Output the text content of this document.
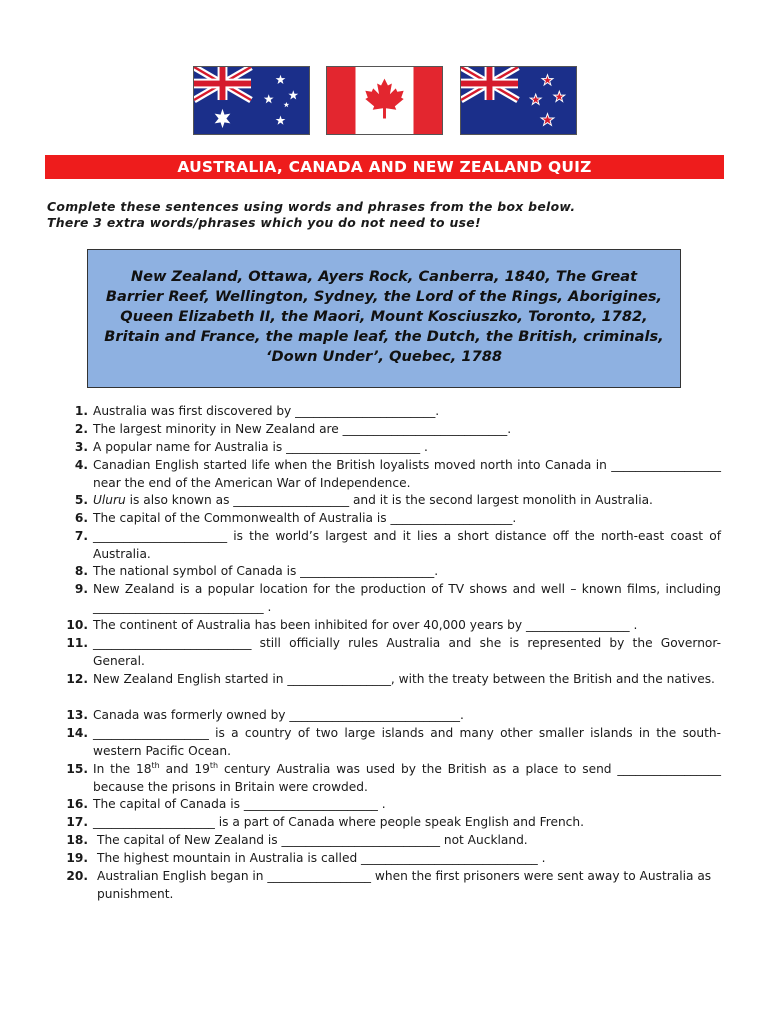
AUSTRALIA, CANADA AND NEW ZEALAND QUIZ
Complete these sentences using words and phrases from the box below.
There 3 extra words/phrases which you do not need to use!
New Zealand, Ottawa, Ayers Rock, Canberra, 1840, The Great Barrier Reef, Wellington, Sydney, the Lord of the Rings, Aborigines, Queen Elizabeth II, the Maori, Mount Kosciuszko, Toronto, 1782, Britain and France, the maple leaf, the Dutch, the British, criminals, ‘Down Under’, Quebec, 1788
1. Australia was first discovered by _______________________.
2. The largest minority in New Zealand are ___________________________.
3. A popular name for Australia is ______________________ .
4. Canadian English started life when the British loyalists moved north into Canada in __________________ near the end of the American War of Independence.
5. Uluru is also known as ___________________ and it is the second largest monolith in Australia.
6. The capital of the Commonwealth of Australia is ____________________.
7. ______________________ is the world’s largest and it lies a short distance off the north-east coast of Australia.
8. The national symbol of Canada is ______________________.
9. New Zealand is a popular location for the production of TV shows and well – known films, including ____________________________ .
10. The continent of Australia has been inhibited for over 40,000 years by _________________ .
11. __________________________ still officially rules Australia and she is represented by the Governor-General.
12. New Zealand English started in _________________, with the treaty between the British and the natives.
13. Canada was formerly owned by ____________________________.
14. ___________________ is a country of two large islands and many other smaller islands in the south-western Pacific Ocean.
15. In the 18th and 19th century Australia was used by the British as a place to send _________________ because the prisons in Britain were crowded.
16. The capital of Canada is ______________________ .
17. ____________________ is a part of Canada where people speak English and French.
18. The capital of New Zealand is __________________________ not Auckland.
19. The highest mountain in Australia is called _____________________________ .
20. Australian English began in _________________ when the first prisoners were sent away to Australia as punishment.
